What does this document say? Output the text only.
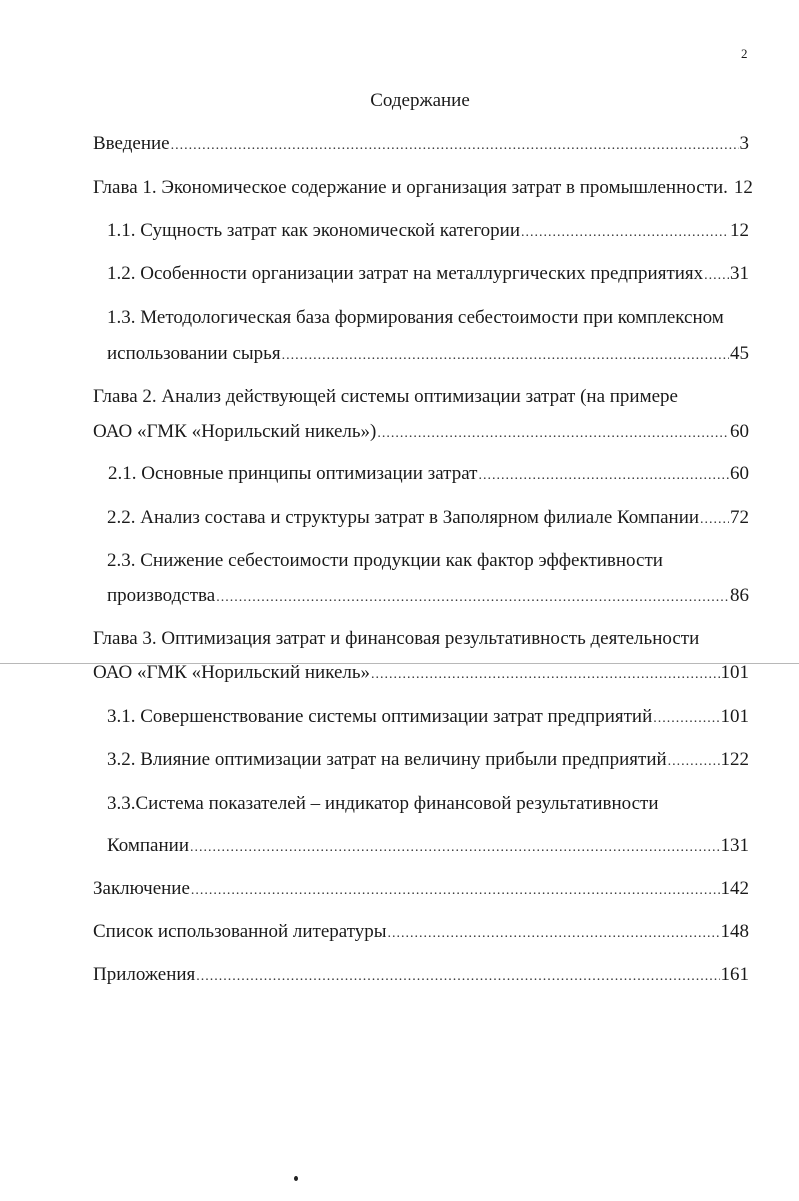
2
Содержание
Введение .....	3
Глава 1. Экономическое содержание и организация затрат в промышленности. 12
1.1. Сущность затрат как экономической категории .....	12
1.2. Особенности организации затрат на металлургических предприятиях ..... 31
1.3. Методологическая база формирования себестоимости при комплексном
использовании сырья .....	45
Глава 2. Анализ действующей системы оптимизации затрат (на примере
ОАО «ГМК «Норильский никель») .....	60
2.1. Основные принципы оптимизации затрат .....	60
2.2. Анализ состава и структуры затрат в Заполярном филиале Компании ..... 72
2.3. Снижение себестоимости продукции как фактор эффективности
производства .....	86
Глава 3. Оптимизация затрат и финансовая результативность деятельности
ОАО «ГМК «Норильский никель» .....	101
3.1. Совершенствование системы оптимизации затрат предприятий .....	101
3.2. Влияние оптимизации затрат на величину прибыли предприятий .....	122
3.3.Система показателей – индикатор финансовой результативности
Компании .....	131
Заключение .....	142
Список использованной литературы .....	148
Приложения .....	161
